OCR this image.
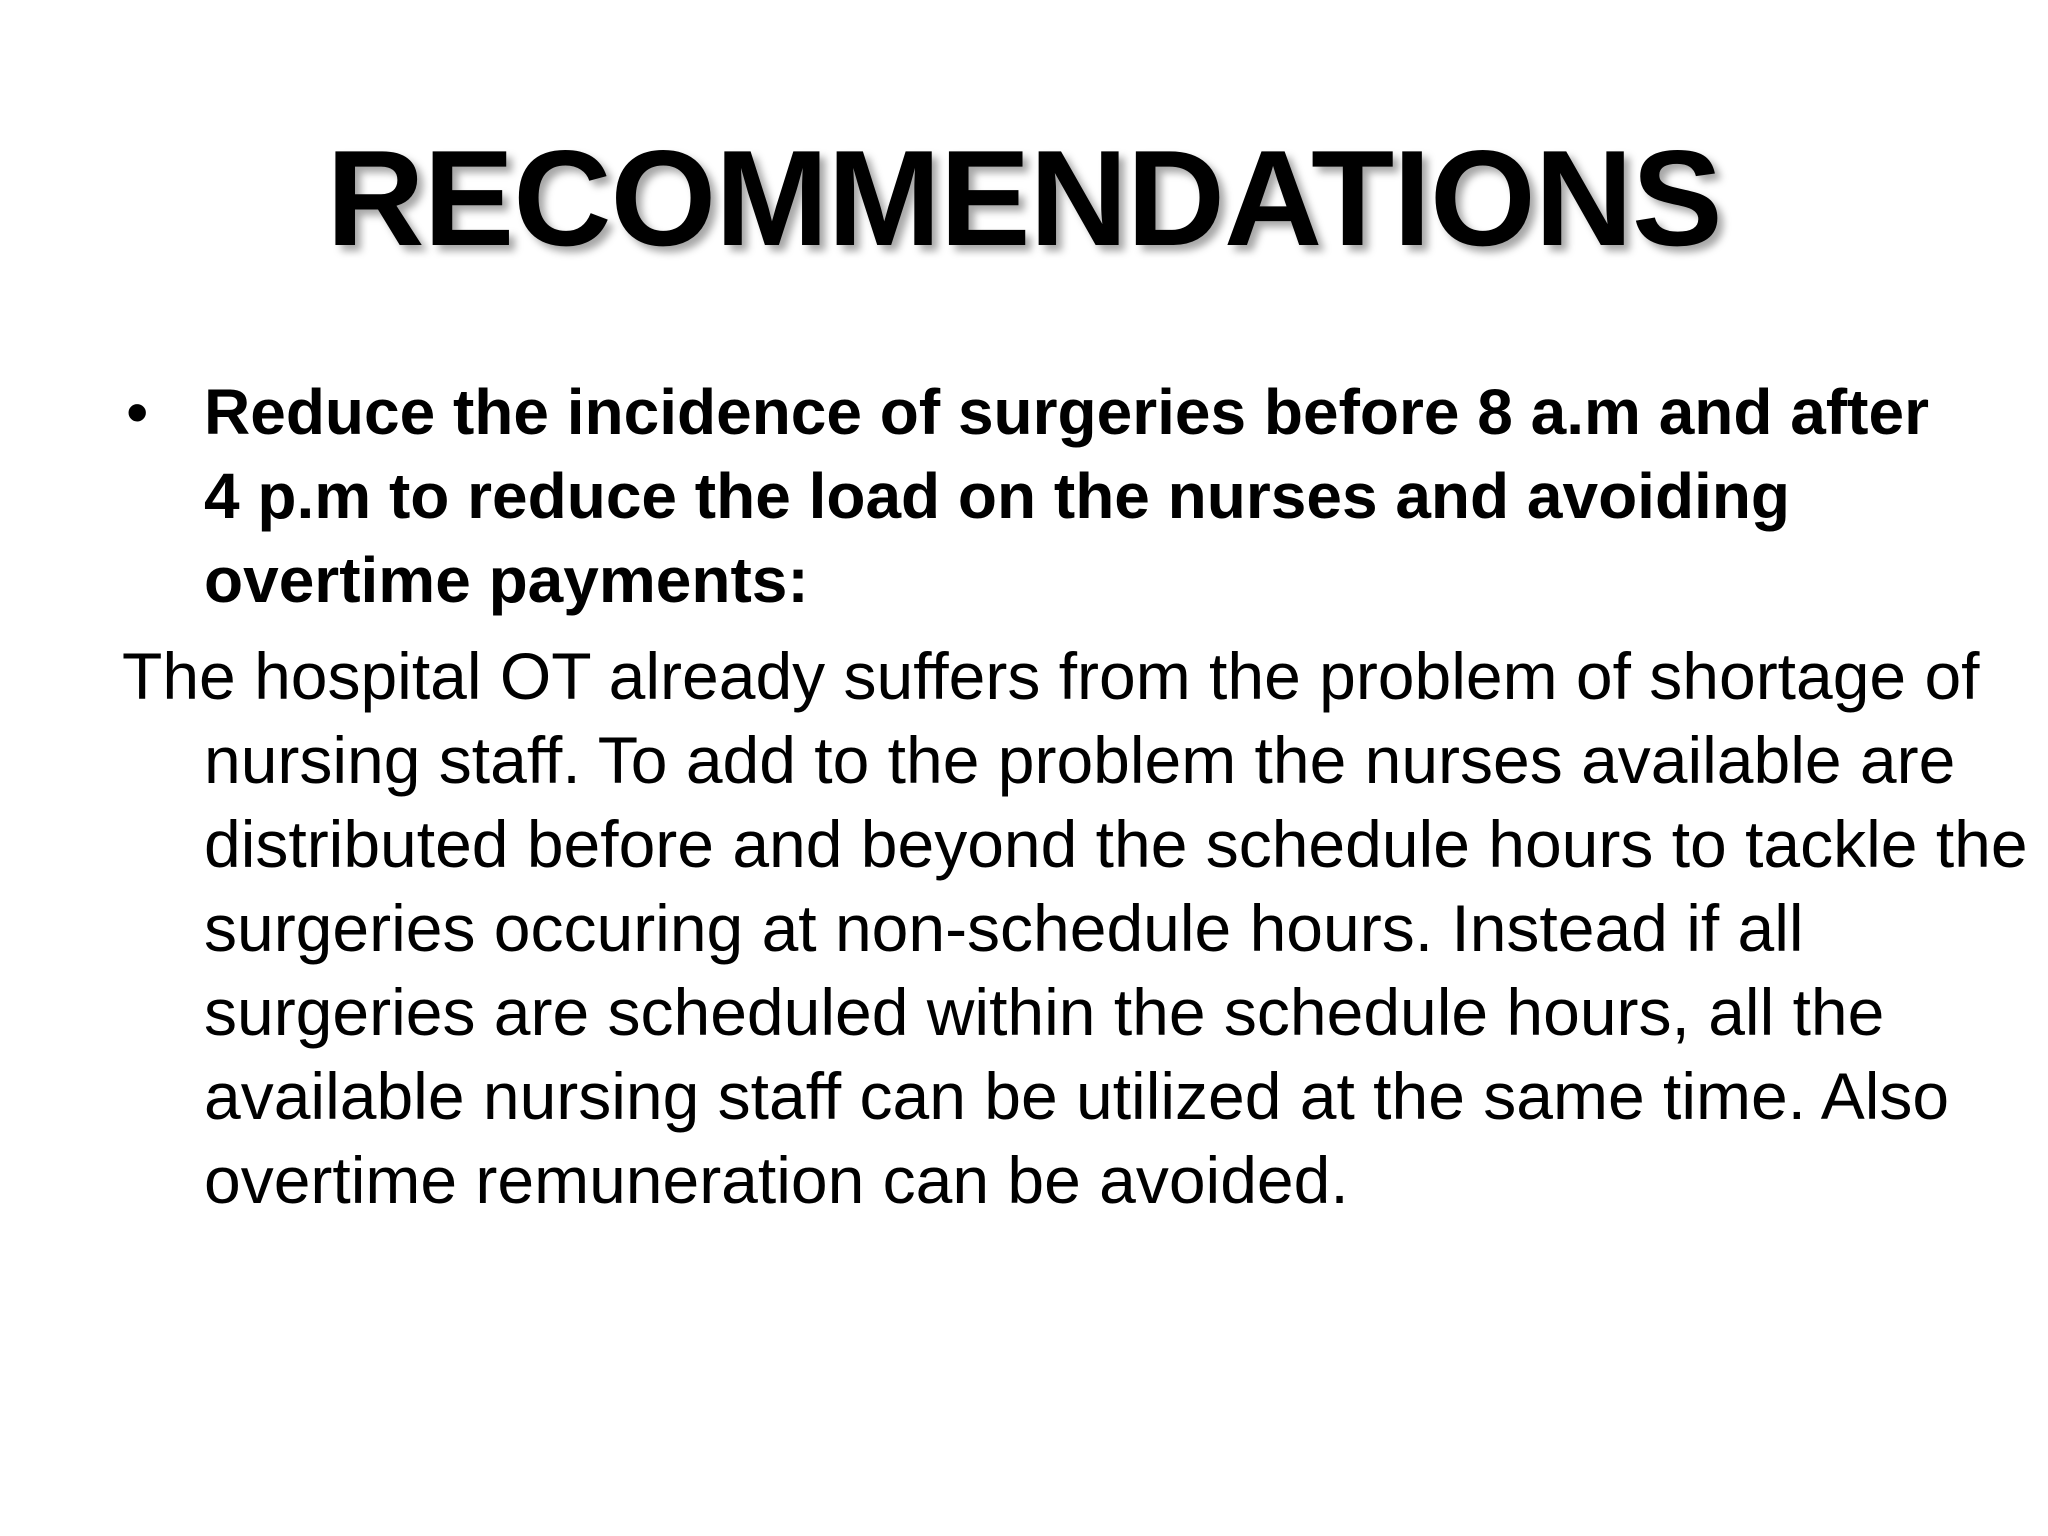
RECOMMENDATIONS
• Reduce the incidence of surgeries before 8 a.m and after 4 p.m to reduce the load on the nurses and avoiding overtime payments:
The hospital OT already suffers from the problem of shortage of nursing staff. To add to the problem the nurses available are distributed before and beyond the schedule hours to tackle the surgeries occuring at non-schedule hours. Instead if all surgeries are scheduled within the schedule hours, all the available nursing staff can be utilized at the same time. Also overtime remuneration can be avoided.
